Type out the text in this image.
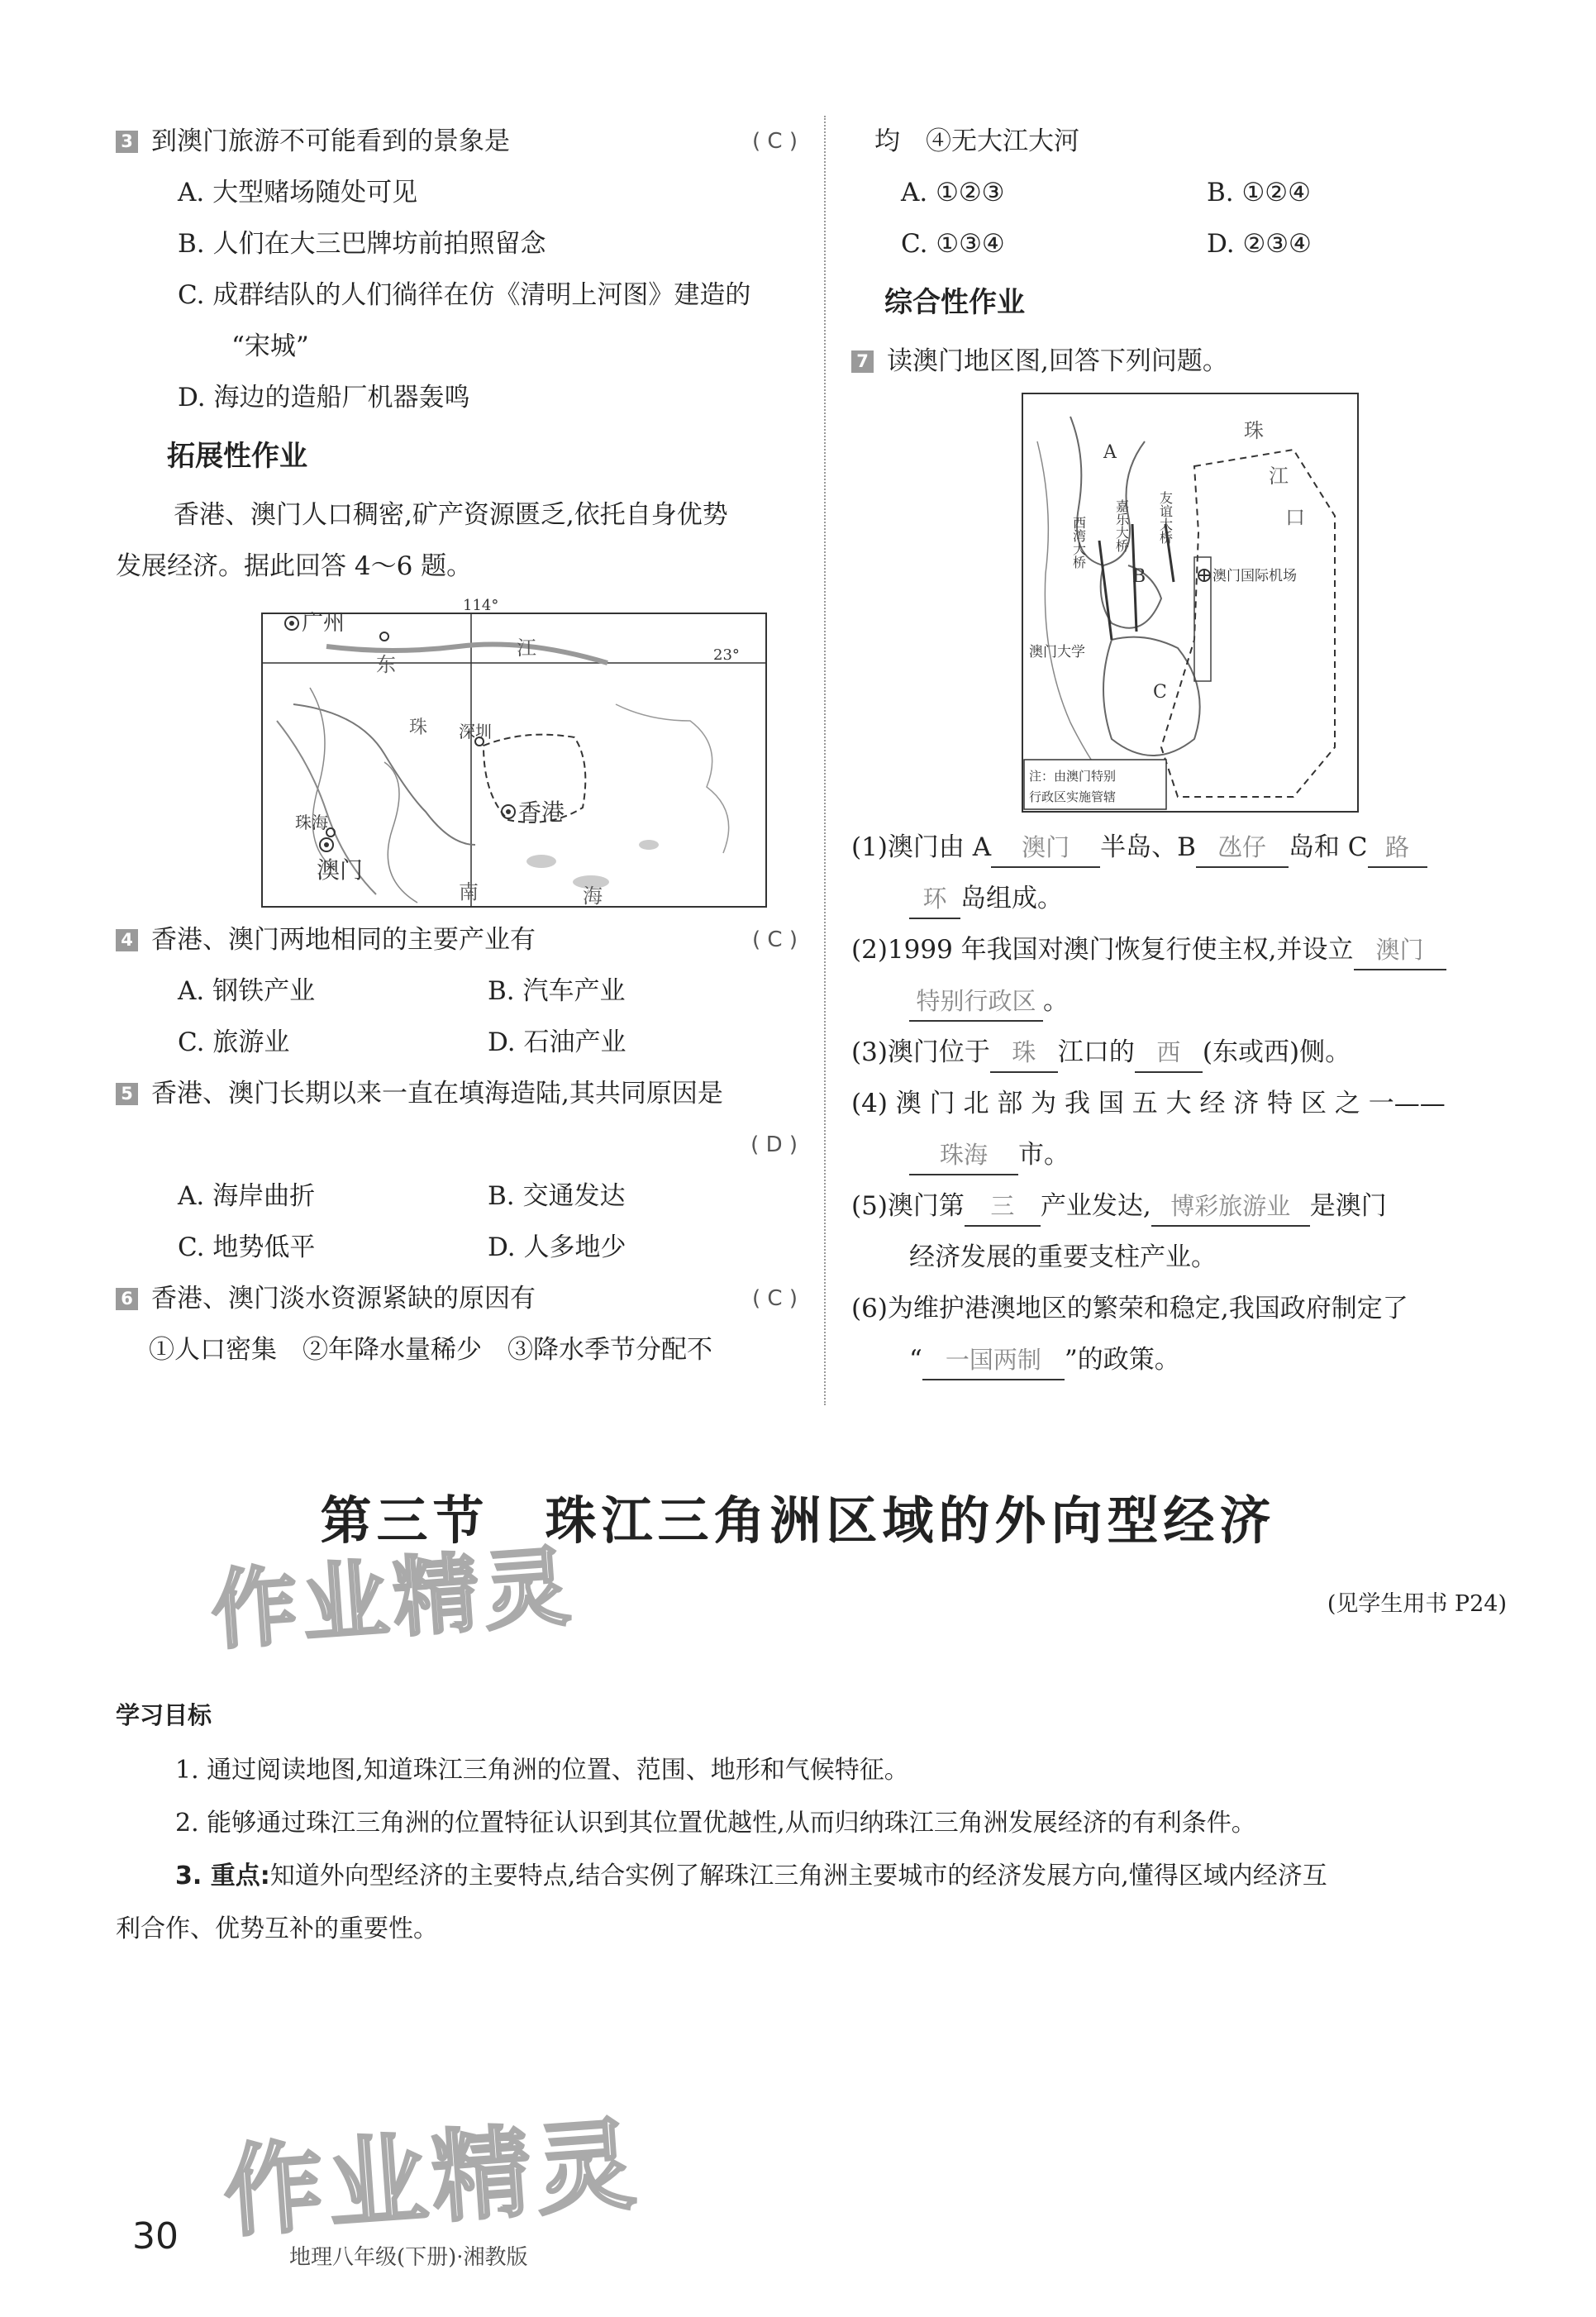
3 到澳门旅游不可能看到的景象是	( C )
A. 大型赌场随处可见
B. 人们在大三巴牌坊前拍照留念
C. 成群结队的人们徜徉在仿《清明上河图》建造的
“宋城”
D. 海边的造船厂机器轰鸣
拓展性作业
香港、澳门人口稠密,矿产资源匮乏,依托自身优势
发展经济。据此回答 4～6 题。
广州
114°
23°
东
江
珠 深圳
香港
珠海
澳门
南	海
4 香港、澳门两地相同的主要产业有	( C )
A. 钢铁产业	B. 汽车产业
C. 旅游业	D. 石油产业
5 香港、澳门长期以来一直在填海造陆,其共同原因是
( D )
A. 海岸曲折	B. 交通发达
C. 地势低平	D. 人多地少
6 香港、澳门淡水资源紧缺的原因有	( C )
①人口密集　②年降水量稀少　③降水季节分配不
均　④无大江大河
A. ①②③	B. ①②④
C. ①③④	D. ②③④
综合性作业
7 读澳门地区图,回答下列问题。
珠
江
口
A
B
C
西湾大桥 嘉乐大桥 友谊大桥
澳门国际机场
澳门大学
注：由澳门特别
行政区实施管辖
(1)澳门由 A 澳门 半岛、B 氹仔 岛和 C 路
环 岛组成。
(2)1999 年我国对澳门恢复行使主权,并设立 澳门
特别行政区 。
(3)澳门位于 珠 江口的 西 (东或西)侧。
(4) 澳 门 北 部 为 我 国 五 大 经 济 特 区 之 一——
珠海 市。
(5)澳门第 三 产业发达, 博彩旅游业 是澳门
经济发展的重要支柱产业。
(6)为维护港澳地区的繁荣和稳定,我国政府制定了
“ 一国两制 ”的政策。
第三节　珠江三角洲区域的外向型经济
作业精灵
作业精灵
(见学生用书 P24)
学习目标
1. 通过阅读地图,知道珠江三角洲的位置、范围、地形和气候特征。
2. 能够通过珠江三角洲的位置特征认识到其位置优越性,从而归纳珠江三角洲发展经济的有利条件。
3. 重点:知道外向型经济的主要特点,结合实例了解珠江三角洲主要城市的经济发展方向,懂得区域内经济互
利合作、优势互补的重要性。
30	地理八年级(下册)·湘教版
